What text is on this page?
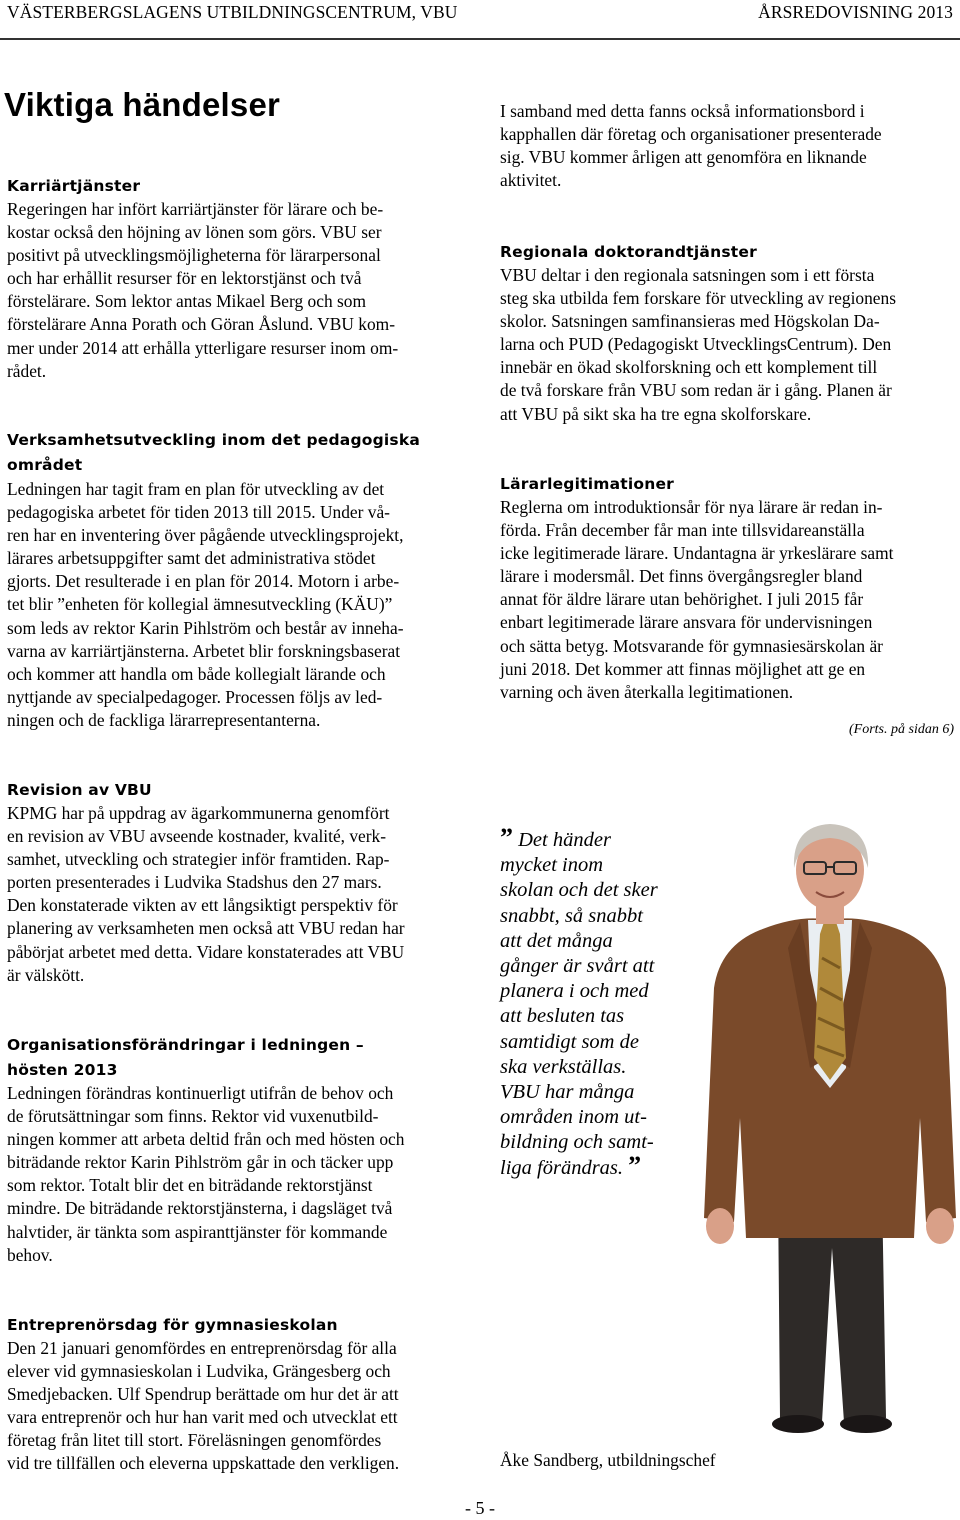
VÄSTERBERGSLAGENS UTBILDNINGSCENTRUM, VBU	ÅRSREDOVISNING 2013
Viktiga händelser
Karriärtjänster
Regeringen har infört karriärtjänster för lärare och be-
kostar också den höjning av lönen som görs. VBU ser
positivt på utvecklingsmöjligheterna för lärarpersonal
och har erhållit resurser för en lektorstjänst och två
förstelärare. Som lektor antas Mikael Berg och som
förstelärare Anna Porath och Göran Åslund. VBU kom-
mer under 2014 att erhålla ytterligare resurser inom om-
rådet.
Verksamhetsutveckling inom det pedagogiska
området
Ledningen har tagit fram en plan för utveckling av det
pedagogiska arbetet för tiden 2013 till 2015. Under vå-
ren har en inventering över pågående utvecklingsprojekt,
lärares arbetsuppgifter samt det administrativa stödet
gjorts. Det resulterade i en plan för 2014. Motorn i arbe-
tet blir ”enheten för kollegial ämnesutveckling (KÄU)”
som leds av rektor Karin Pihlström och består av inneha-
varna av karriärtjänsterna. Arbetet blir forskningsbaserat
och kommer att handla om både kollegialt lärande och
nyttjande av specialpedagoger. Processen följs av led-
ningen och de fackliga lärarrepresentanterna.
I samband med detta fanns också informationsbord i
kapphallen där företag och organisationer presenterade
sig. VBU kommer årligen att genomföra en liknande
aktivitet.
Regionala doktorandtjänster
VBU deltar i den regionala satsningen som i ett första
steg ska utbilda fem forskare för utveckling av regionens
skolor. Satsningen samfinansieras med Högskolan Da-
larna och PUD (Pedagogiskt UtvecklingsCentrum). Den
innebär en ökad skolforskning och ett komplement till
de två forskare från VBU som redan är i gång. Planen är
att VBU på sikt ska ha tre egna skolforskare.
Lärarlegitimationer
Reglerna om introduktionsår för nya lärare är redan in-
förda. Från december får man inte tillsvidareanställa
icke legitimerade lärare. Undantagna är yrkeslärare samt
lärare i modersmål. Det finns övergångsregler bland
annat för äldre lärare utan behörighet. I juli 2015 får
enbart legitimerade lärare ansvara för undervisningen
och sätta betyg. Motsvarande för gymnasiesärskolan är
juni 2018. Det kommer att finnas möjlighet att ge en
varning och även återkalla legitimationen.
(Forts. på sidan 6)
Revision av VBU
KPMG har på uppdrag av ägarkommunerna genomfört
en revision av VBU avseende kostnader, kvalité, verk-
samhet, utveckling och strategier inför framtiden. Rap-
porten presenterades i Ludvika Stadshus den 27 mars.
Den konstaterade vikten av ett långsiktigt perspektiv för
planering av verksamheten men också att VBU redan har
påbörjat arbetet med detta. Vidare konstaterades att VBU
är välskött.
Organisationsförändringar i ledningen –
hösten 2013
Ledningen förändras kontinuerligt utifrån de behov och
de förutsättningar som finns. Rektor vid vuxenutbild-
ningen kommer att arbeta deltid från och med hösten och
biträdande rektor Karin Pihlström går in och täcker upp
som rektor. Totalt blir det en biträdande rektorstjänst
mindre. De biträdande rektorstjänsterna, i dagsläget två
halvtider, är tänkta som aspiranttjänster för kommande
behov.
Entreprenörsdag för gymnasieskolan
Den 21 januari genomfördes en entreprenörsdag för alla
elever vid gymnasieskolan i Ludvika, Grängesberg och
Smedjebacken. Ulf Spendrup berättade om hur det är att
vara entreprenör och hur han varit med och utvecklat ett
företag från litet till stort. Föreläsningen genomfördes
vid tre tillfällen och eleverna uppskattade den verkligen.
” Det händer
mycket inom
skolan och det sker
snabbt, så snabbt
att det många
gånger är svårt att
planera i och med
att besluten tas
samtidigt som de
ska verkställas.
VBU har många
områden inom ut-
bildning och samt-
liga förändras. ”
Åke Sandberg, utbildningschef
- 5 -
